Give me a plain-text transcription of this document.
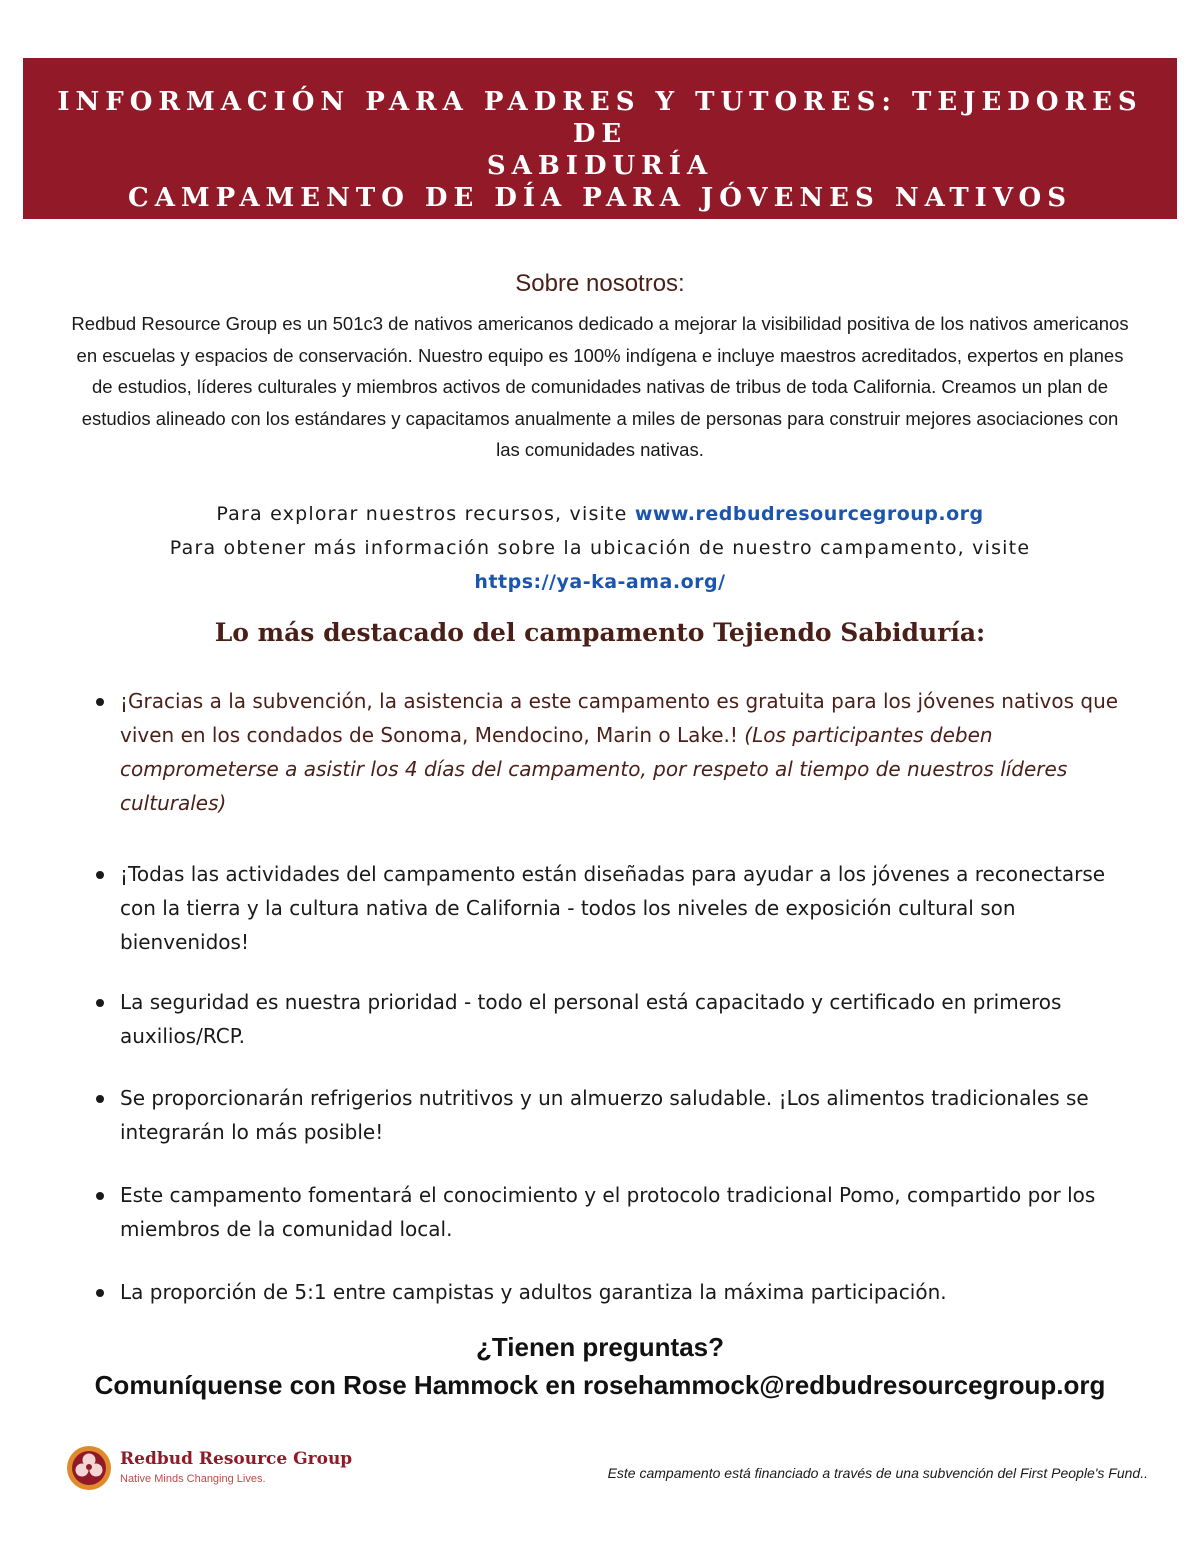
INFORMACIÓN PARA PADRES Y TUTORES: TEJEDORES DE
SABIDURÍA
CAMPAMENTO DE DÍA PARA JÓVENES NATIVOS
Sobre nosotros:
Redbud Resource Group es un 501c3 de nativos americanos dedicado a mejorar la visibilidad positiva de los nativos americanos en escuelas y espacios de conservación. Nuestro equipo es 100% indígena e incluye maestros acreditados, expertos en planes de estudios, líderes culturales y miembros activos de comunidades nativas de tribus de toda California. Creamos un plan de estudios alineado con los estándares y capacitamos anualmente a miles de personas para construir mejores asociaciones con las comunidades nativas.
Para explorar nuestros recursos, visite www.redbudresourcegroup.org
Para obtener más información sobre la ubicación de nuestro campamento, visite
https://ya-ka-ama.org/
Lo más destacado del campamento Tejiendo Sabiduría:
¡Gracias a la subvención, la asistencia a este campamento es gratuita para los jóvenes nativos que viven en los condados de Sonoma, Mendocino, Marin o Lake.! (Los participantes deben comprometerse a asistir los 4 días del campamento, por respeto al tiempo de nuestros líderes culturales)
¡Todas las actividades del campamento están diseñadas para ayudar a los jóvenes a reconectarse con la tierra y la cultura nativa de California - todos los niveles de exposición cultural son bienvenidos!
La seguridad es nuestra prioridad - todo el personal está capacitado y certificado en primeros auxilios/RCP.
Se proporcionarán refrigerios nutritivos y un almuerzo saludable. ¡Los alimentos tradicionales se integrarán lo más posible!
Este campamento fomentará el conocimiento y el protocolo tradicional Pomo, compartido por los miembros de la comunidad local.
La proporción de 5:1 entre campistas y adultos garantiza la máxima participación.
¿Tienen preguntas?
Comuníquense con Rose Hammock en rosehammock@redbudresourcegroup.org
Redbud Resource Group
Native Minds Changing Lives.	Este campamento está financiado a través de una subvención del First People's Fund..
